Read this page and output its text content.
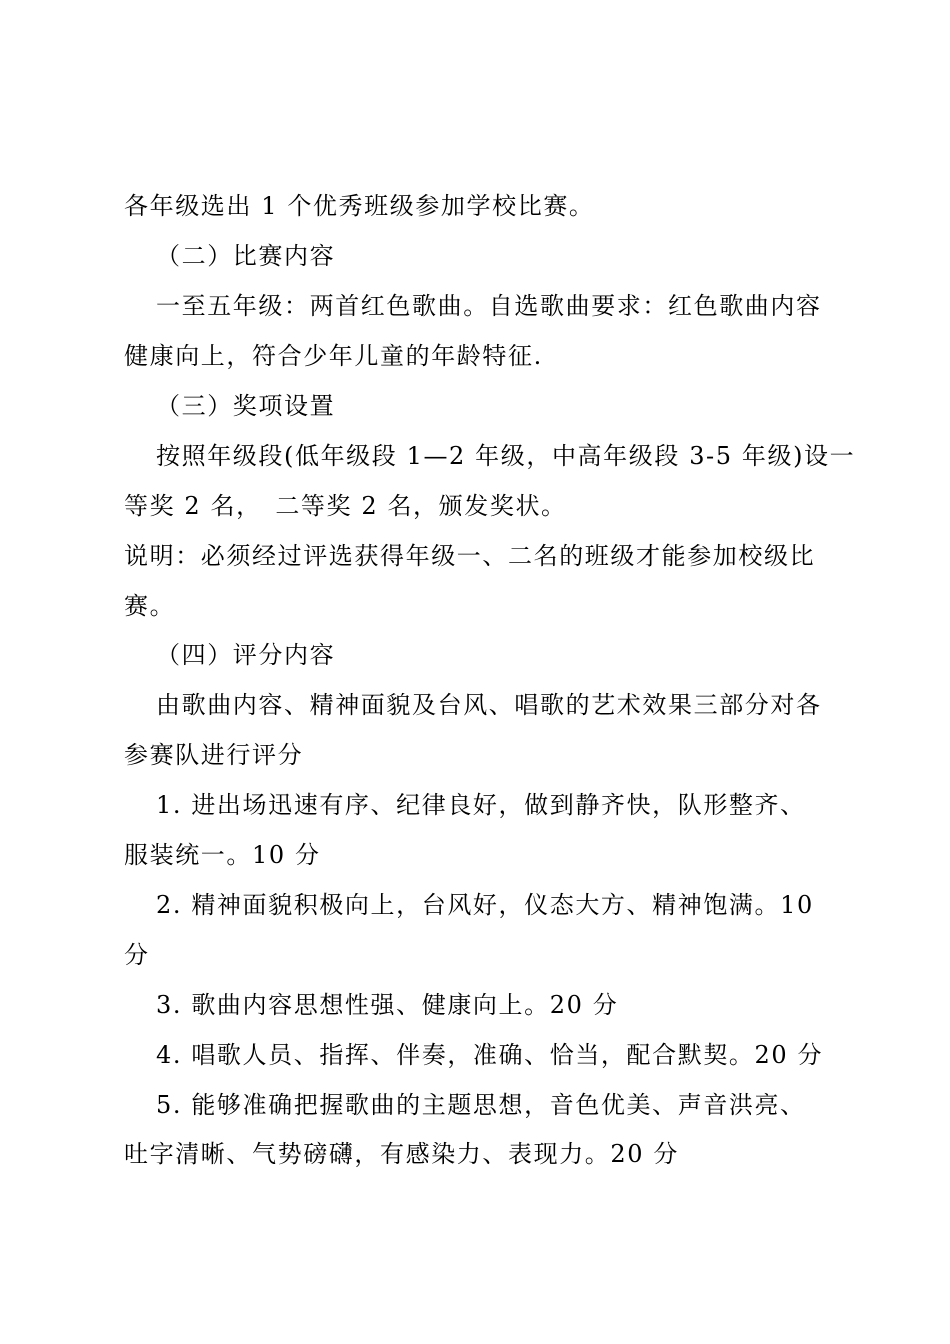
各年级选出 1 个优秀班级参加学校比赛。
（二）比赛内容
一至五年级：两首红色歌曲。自选歌曲要求：红色歌曲内容
健康向上，符合少年儿童的年龄特征.
（三）奖项设置
按照年级段(低年级段 1—2 年级，中高年级段 3-5 年级)设一
等奖 2 名，　二等奖 2 名，颁发奖状。
说明：必须经过评选获得年级一、二名的班级才能参加校级比
赛。
（四）评分内容
由歌曲内容、精神面貌及台风、唱歌的艺术效果三部分对各
参赛队进行评分
1. 进出场迅速有序、纪律良好，做到静齐快，队形整齐、
服装统一。10 分
2. 精神面貌积极向上，台风好，仪态大方、精神饱满。10
分
3. 歌曲内容思想性强、健康向上。20 分
4. 唱歌人员、指挥、伴奏，准确、恰当，配合默契。20 分
5. 能够准确把握歌曲的主题思想，音色优美、声音洪亮、
吐字清晰、气势磅礴，有感染力、表现力。20 分
